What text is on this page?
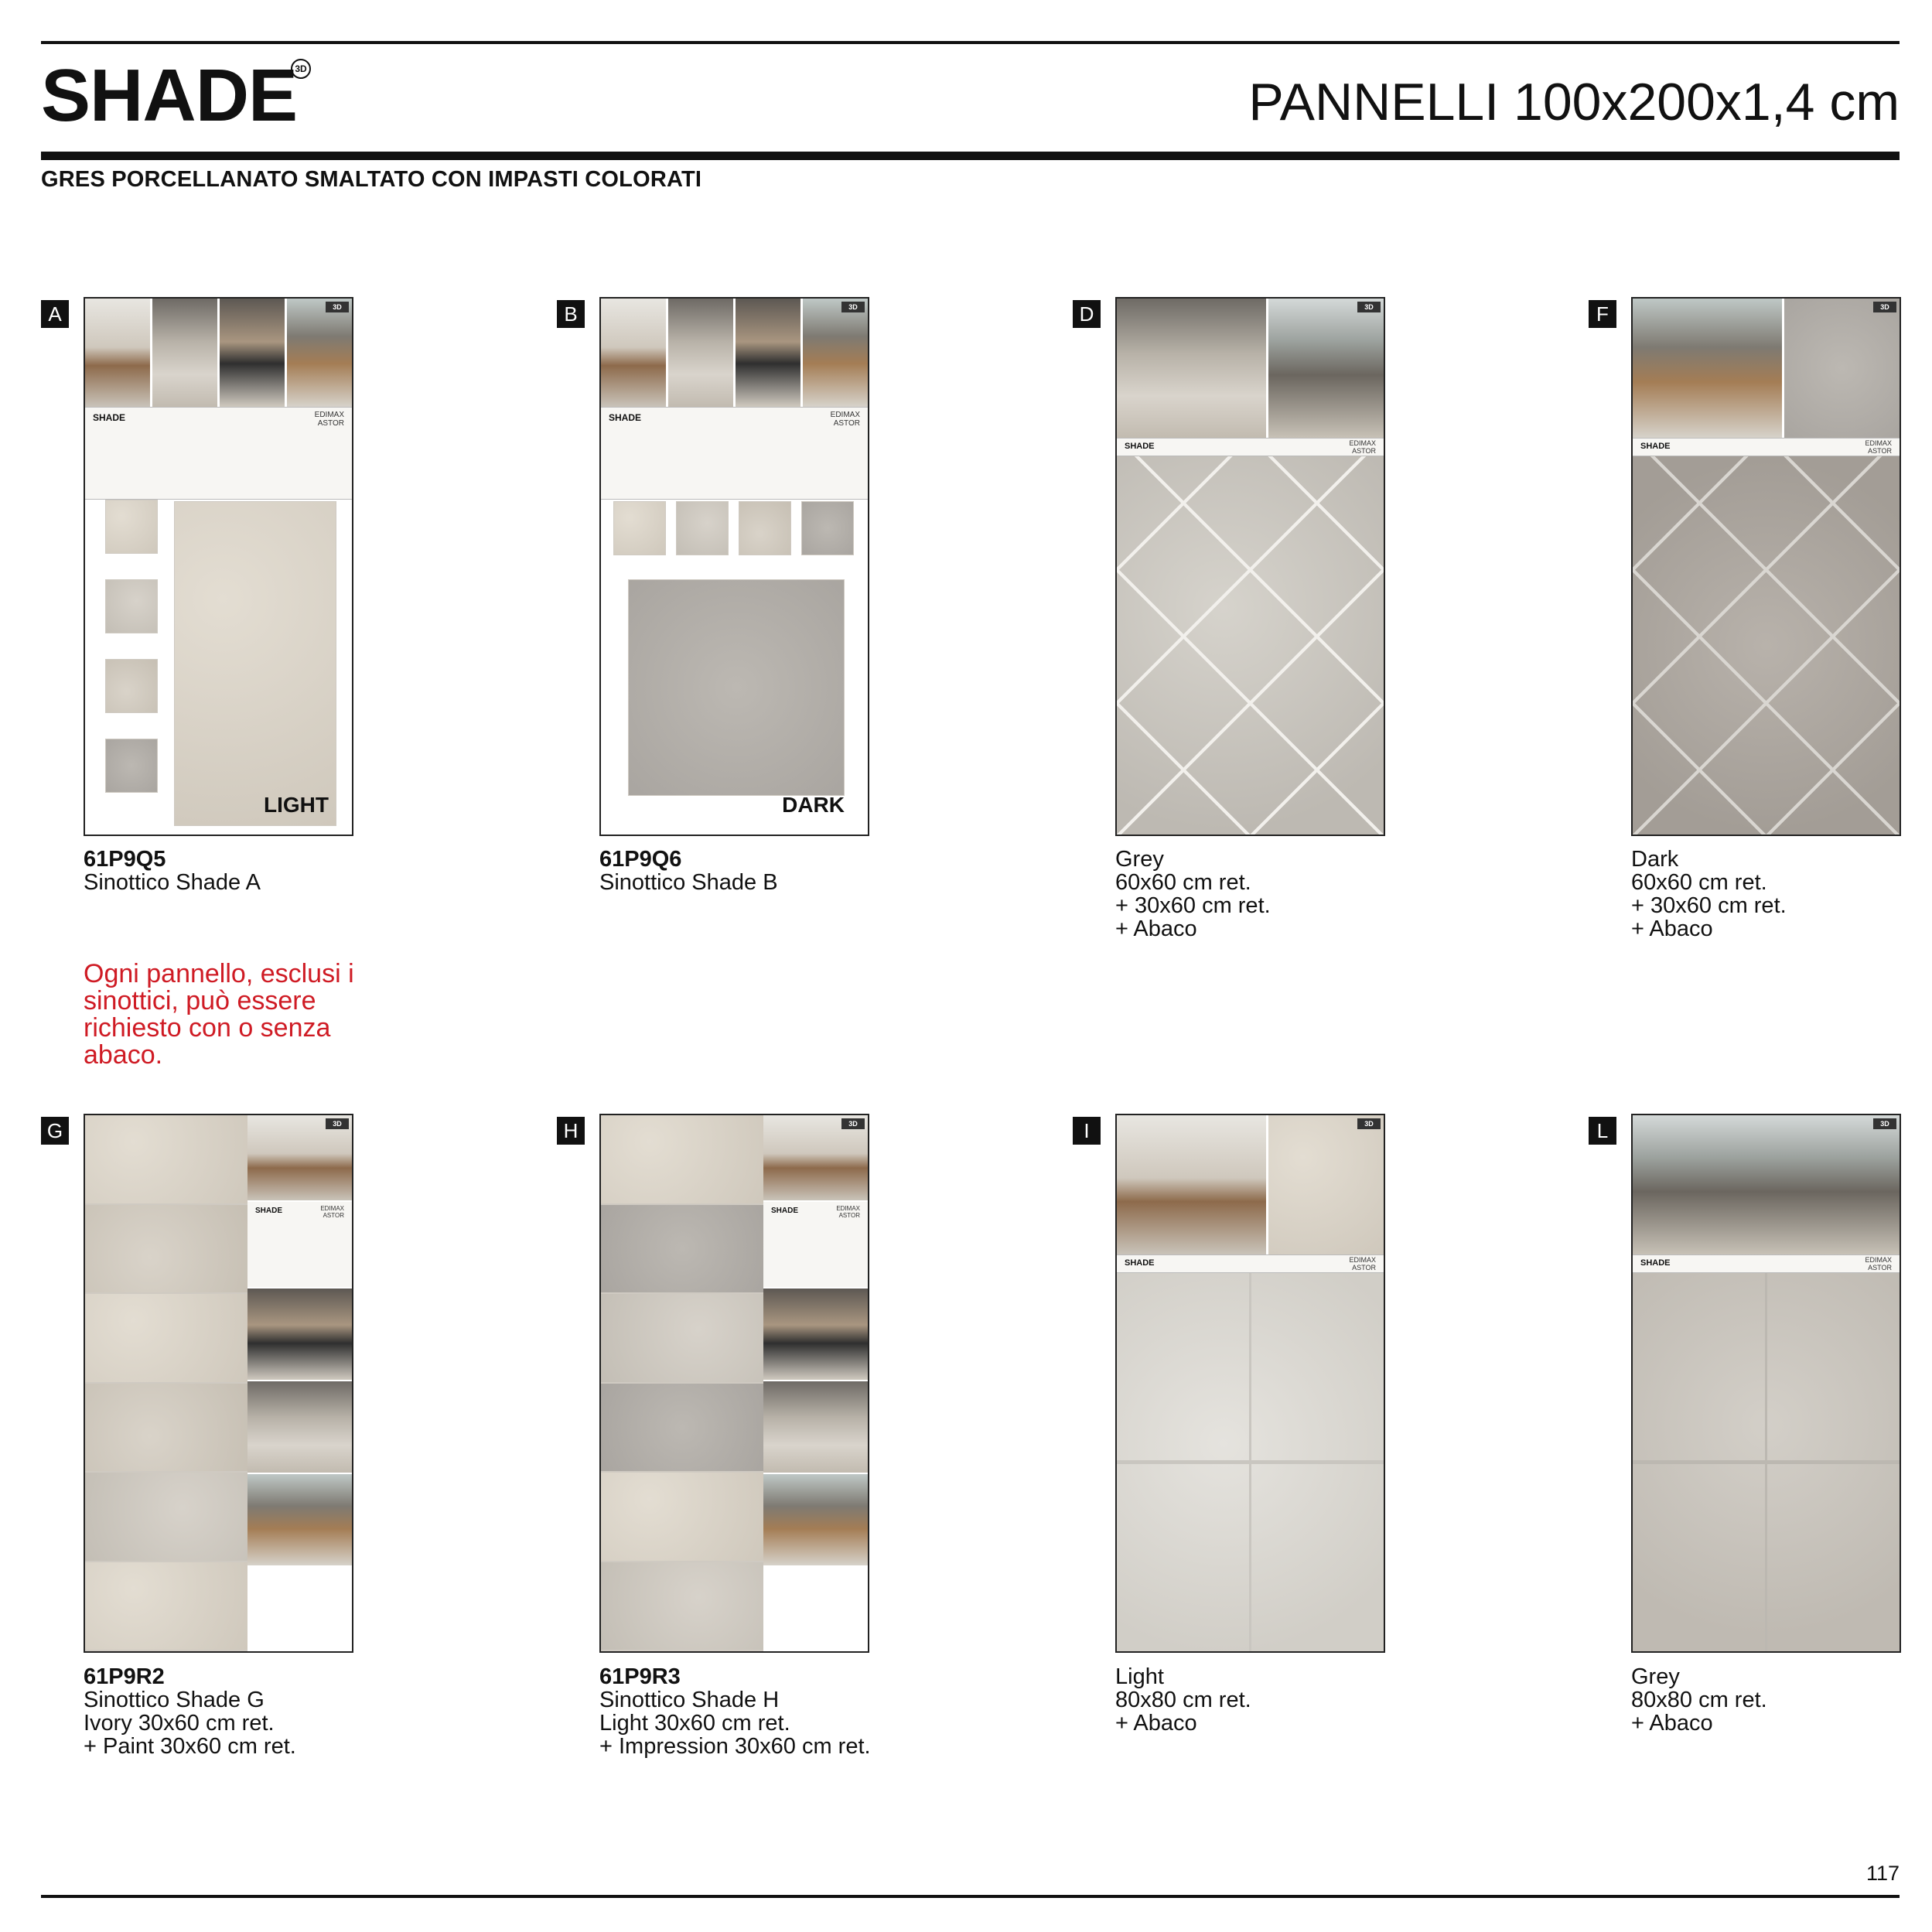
SHADE
3D
PANNELLI 100x200x1,4 cm
GRES PORCELLANATO SMALTATO CON IMPASTI COLORATI
A	3D
SHADE	EDIMAX
ASTOR
LIGHT
61P9Q5
Sinottico Shade A
B	3D
SHADE	EDIMAX
ASTOR
DARK
61P9Q6
Sinottico Shade B
D	3D
SHADE	EDIMAX
ASTOR
Grey
60x60 cm ret.
+ 30x60 cm ret.
+ Abaco
F	3D
SHADE	EDIMAX
ASTOR
Dark
60x60 cm ret.
+ 30x60 cm ret.
+ Abaco
Ogni pannello, esclusi i sinottici, può essere richiesto con o senza abaco.
G	3D
SHADE	EDIMAX
ASTOR
61P9R2
Sinottico Shade G
Ivory 30x60 cm ret.
+ Paint 30x60 cm ret.
H	3D
SHADE	EDIMAX
ASTOR
61P9R3
Sinottico Shade H
Light 30x60 cm ret.
+ Impression 30x60 cm ret.
I	3D
SHADE	EDIMAX
ASTOR
Light
80x80 cm ret.
+ Abaco
L	3D
SHADE	EDIMAX
ASTOR
Grey
80x80 cm ret.
+ Abaco
117
